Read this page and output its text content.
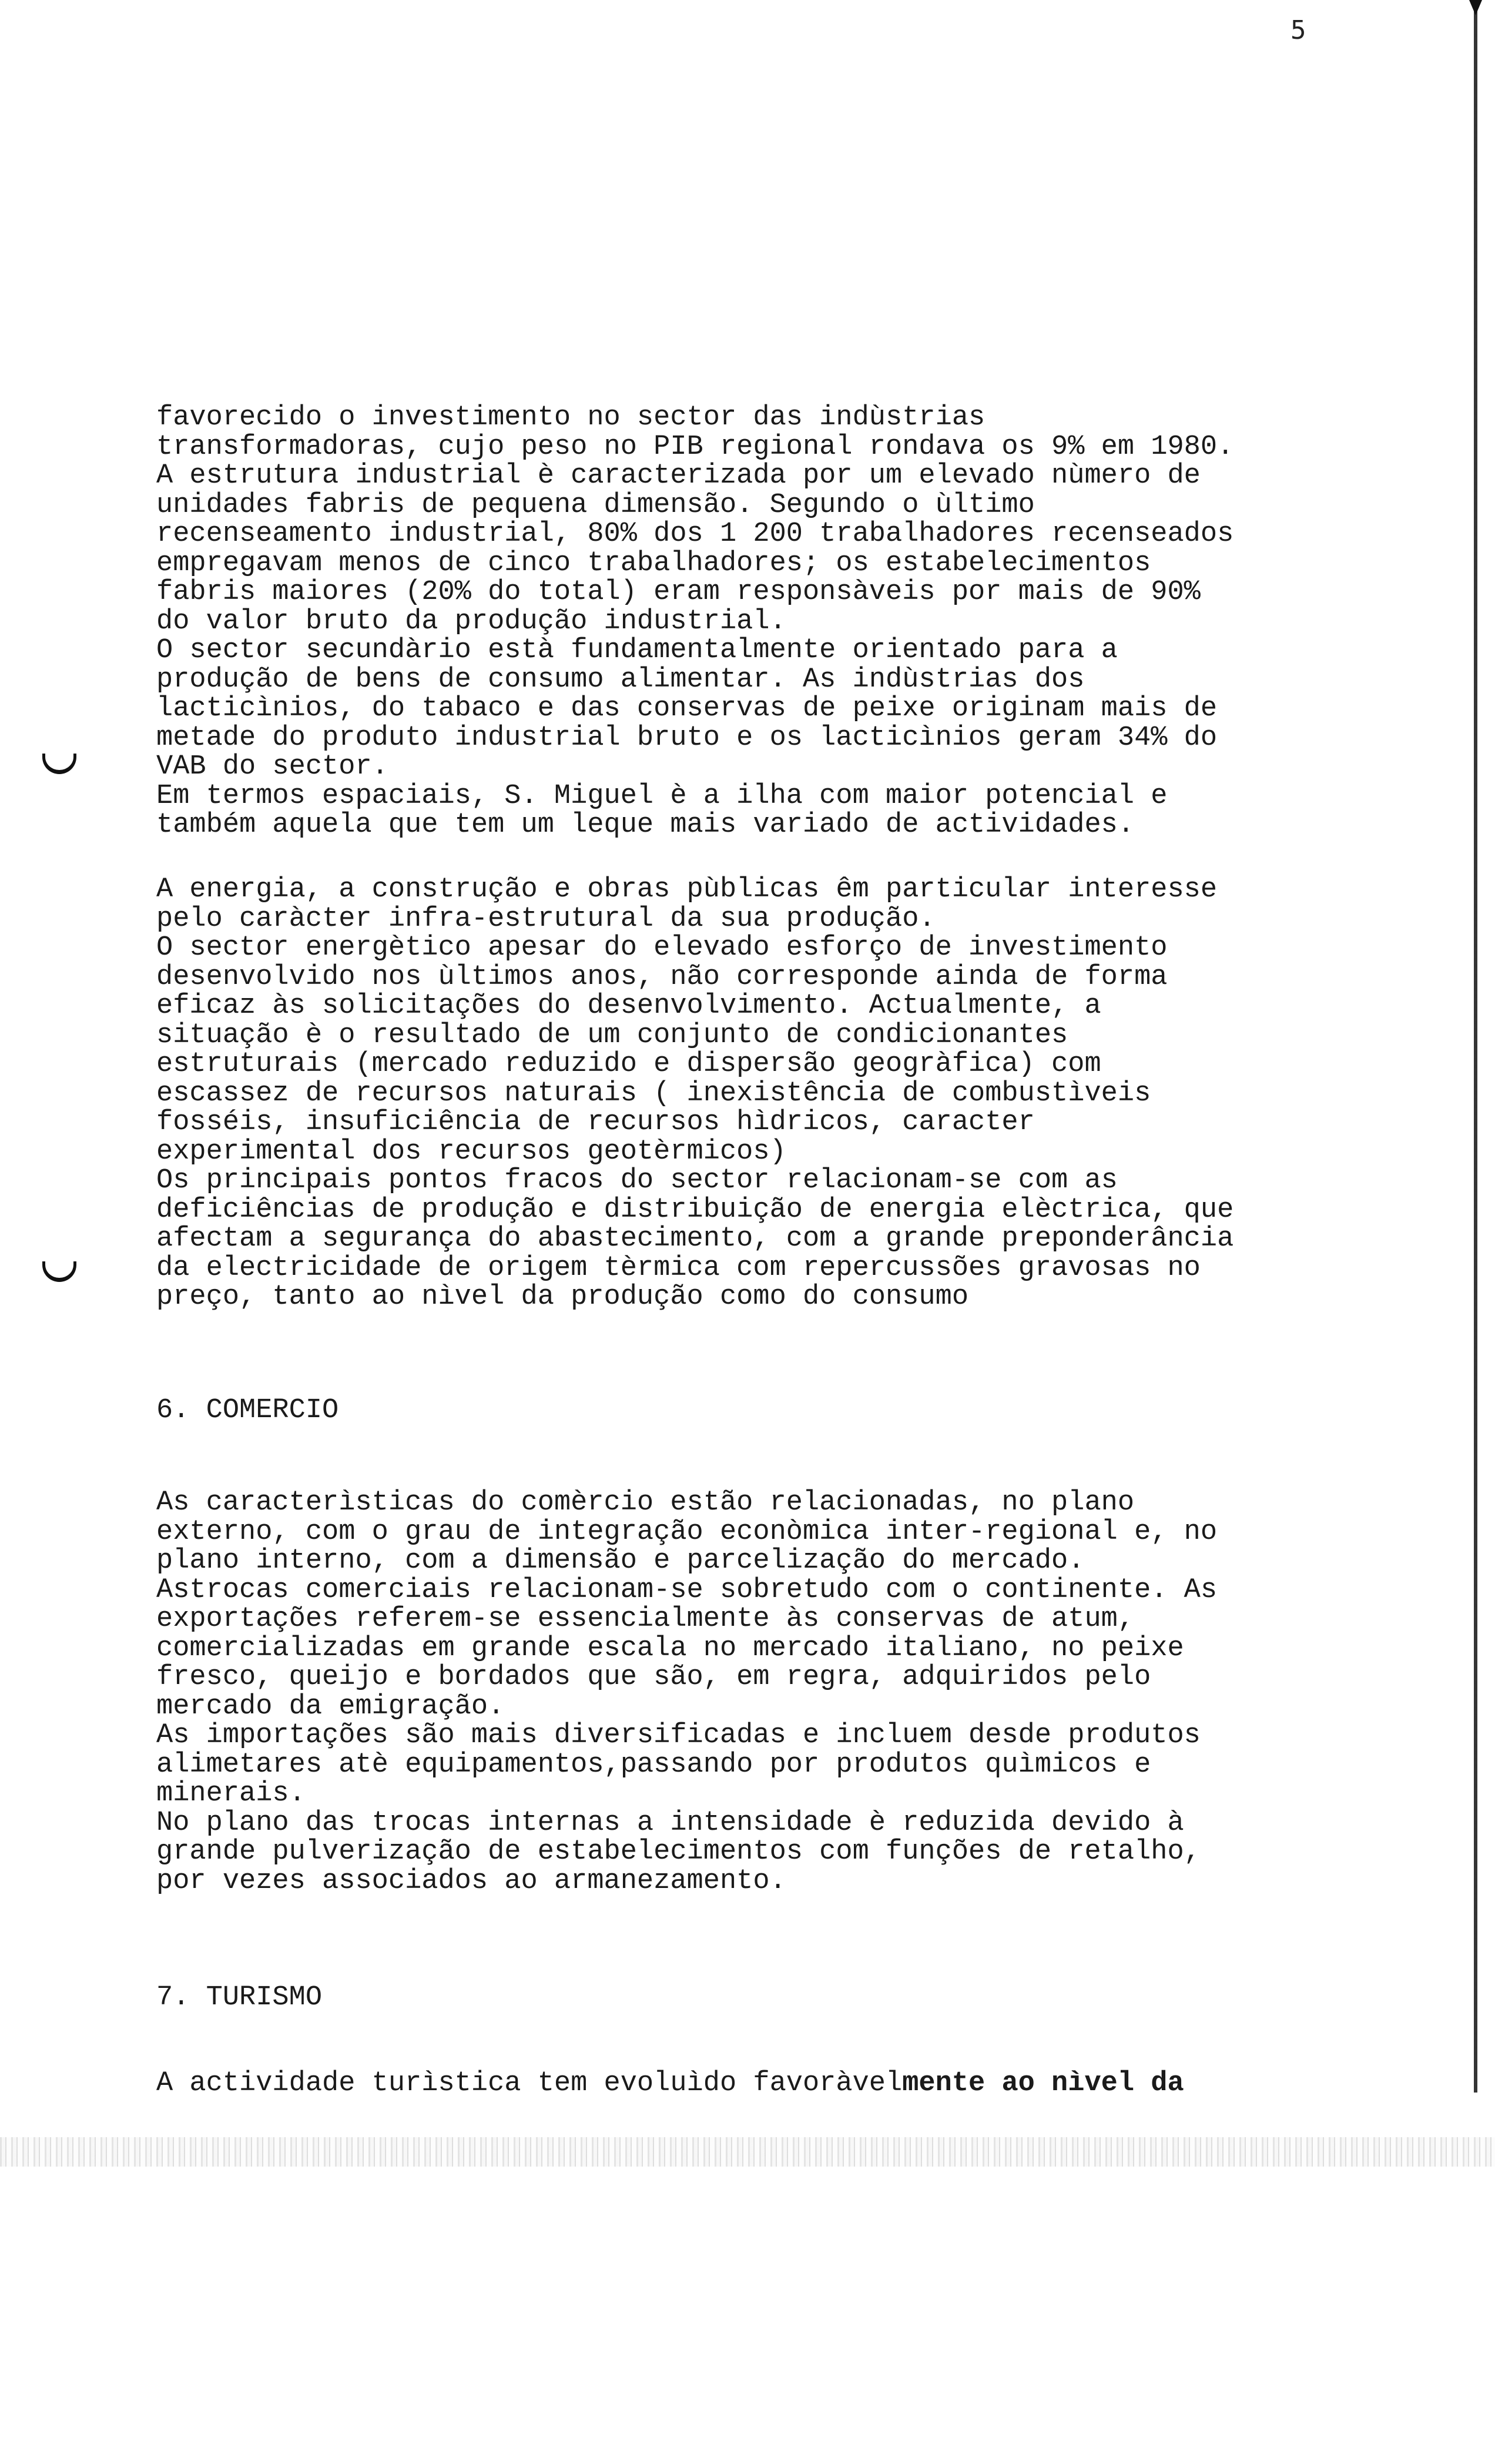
5
favorecido o investimento no sector das indùstrias
transformadoras, cujo peso no PIB regional rondava os 9% em 1980.
A estrutura industrial è caracterizada por um elevado nùmero de
unidades fabris de pequena dimensão. Segundo o ùltimo
recenseamento industrial, 80% dos 1 200 trabalhadores recenseados
empregavam menos de cinco trabalhadores; os estabelecimentos
fabris maiores (20% do total) eram responsàveis por mais de 90%
do valor bruto da produção industrial.
O sector secundàrio està fundamentalmente orientado para a
produção de bens de consumo alimentar. As indùstrias dos
lacticìnios, do tabaco e das conservas de peixe originam mais de
metade do produto industrial bruto e os lacticìnios geram 34% do
VAB do sector.
Em termos espaciais, S. Miguel è a ilha com maior potencial e
também aquela que tem um leque mais variado de actividades.
A energia, a construção e obras pùblicas êm particular interesse
pelo caràcter infra-estrutural da sua produção.
O sector energètico apesar do elevado esforço de investimento
desenvolvido nos ùltimos anos, não corresponde ainda de forma
eficaz às solicitações do desenvolvimento. Actualmente, a
situação è o resultado de um conjunto de condicionantes
estruturais (mercado reduzido e dispersão geogràfica) com
escassez de recursos naturais ( inexistência de combustìveis
fosséis, insuficiência de recursos hìdricos, caracter
experimental dos recursos geotèrmicos)
Os principais pontos fracos do sector relacionam-se com as
deficiências de produção e distribuição de energia elèctrica, que
afectam a segurança do abastecimento, com a grande preponderância
da electricidade de origem tèrmica com repercussões gravosas no
preço, tanto ao nìvel da produção como do consumo
6. COMERCIO
As caracterìsticas do comèrcio estão relacionadas, no plano
externo, com o grau de integração econòmica inter-regional e, no
plano interno, com a dimensão e parcelização do mercado.
Astrocas comerciais relacionam-se sobretudo com o continente. As
exportações referem-se essencialmente às conservas de atum,
comercializadas em grande escala no mercado italiano, no peixe
fresco, queijo e bordados que são, em regra, adquiridos pelo
mercado da emigração.
As importações são mais diversificadas e incluem desde produtos
alimetares atè equipamentos,passando por produtos quìmicos e
minerais.
No plano das trocas internas a intensidade è reduzida devido à
grande pulverização de estabelecimentos com funções de retalho,
por vezes associados ao armanezamento.
7. TURISMO
A actividade turìstica tem evoluìdo favoràvelmente ao nìvel da
